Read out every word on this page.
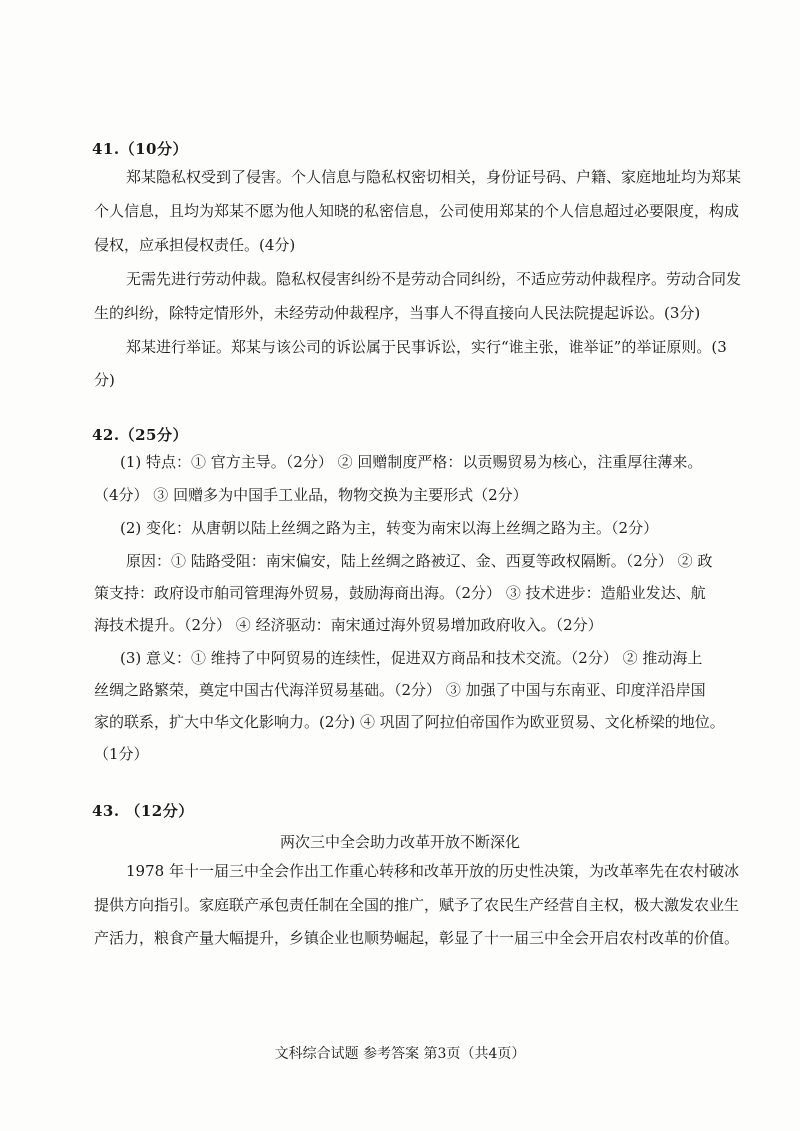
41.（10分）
郑某隐私权受到了侵害。个人信息与隐私权密切相关，身份证号码、户籍、家庭地址均为郑某
个人信息，且均为郑某不愿为他人知晓的私密信息，公司使用郑某的个人信息超过必要限度，构成
侵权，应承担侵权责任。(4分)
无需先进行劳动仲裁。隐私权侵害纠纷不是劳动合同纠纷，不适应劳动仲裁程序。劳动合同发
生的纠纷，除特定情形外，未经劳动仲裁程序，当事人不得直接向人民法院提起诉讼。(3分)
郑某进行举证。郑某与该公司的诉讼属于民事诉讼，实行“谁主张，谁举证”的举证原则。(3
分)
42.（25分）
(1) 特点：① 官方主导。（2分） ② 回赠制度严格：以贡赐贸易为核心，注重厚往薄来。
（4分） ③ 回赠多为中国手工业品，物物交换为主要形式（2分）
(2) 变化：从唐朝以陆上丝绸之路为主，转变为南宋以海上丝绸之路为主。（2分）
原因：① 陆路受阻：南宋偏安，陆上丝绸之路被辽、金、西夏等政权隔断。（2分） ② 政
策支持：政府设市舶司管理海外贸易，鼓励海商出海。（2分） ③ 技术进步：造船业发达、航
海技术提升。（2分） ④ 经济驱动：南宋通过海外贸易增加政府收入。（2分）
(3) 意义：① 维持了中阿贸易的连续性，促进双方商品和技术交流。（2分） ② 推动海上
丝绸之路繁荣，奠定中国古代海洋贸易基础。（2分） ③ 加强了中国与东南亚、印度洋沿岸国
家的联系，扩大中华文化影响力。(2分) ④ 巩固了阿拉伯帝国作为欧亚贸易、文化桥梁的地位。
（1分）
43. （12分）
两次三中全会助力改革开放不断深化
1978 年十一届三中全会作出工作重心转移和改革开放的历史性决策，为改革率先在农村破冰
提供方向指引。家庭联产承包责任制在全国的推广，赋予了农民生产经营自主权，极大激发农业生
产活力，粮食产量大幅提升，乡镇企业也顺势崛起，彰显了十一届三中全会开启农村改革的价值。
文科综合试题 参考答案 第3页（共4页）
